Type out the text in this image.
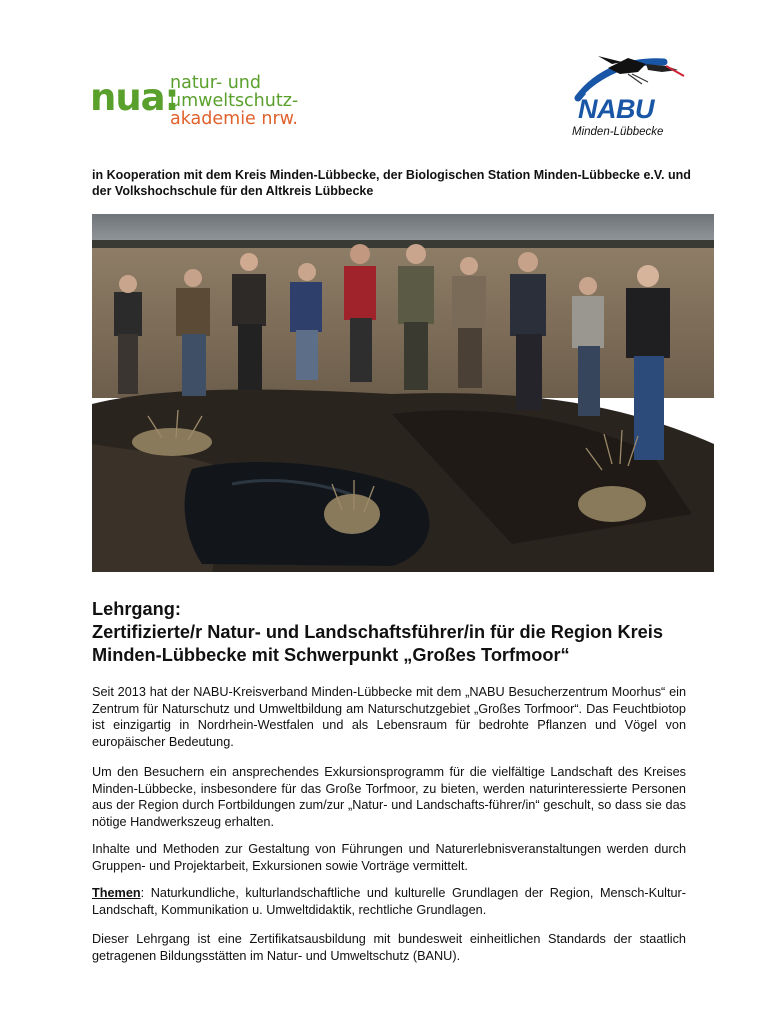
nua:
natur- und
umweltschutz-
akademie nrw.	NABU
Minden-Lübbecke
in Kooperation mit dem Kreis Minden-Lübbecke, der Biologischen Station Minden-Lübbecke e.V. und der Volkshochschule für den Altkreis Lübbecke
Lehrgang:
Zertifizierte/r Natur- und Landschaftsführer/in für die Region Kreis
Minden-Lübbecke mit Schwerpunkt „Großes Torfmoor“
Seit 2013 hat der NABU-Kreisverband Minden-Lübbecke mit dem „NABU Besucherzentrum Moorhus“ ein Zentrum für Naturschutz und Umweltbildung am Naturschutzgebiet „Großes Torfmoor“. Das Feuchtbiotop ist einzigartig in Nordrhein-Westfalen und als Lebensraum für bedrohte Pflanzen und Vögel von europäischer Bedeutung.
Um den Besuchern ein ansprechendes Exkursionsprogramm für die vielfältige Landschaft des Kreises Minden-Lübbecke, insbesondere für das Große Torfmoor, zu bieten, werden naturinteressierte Personen aus der Region durch Fortbildungen zum/zur „Natur- und Landschafts-führer/in“ geschult, so dass sie das nötige Handwerkszeug erhalten.
Inhalte und Methoden zur Gestaltung von Führungen und Naturerlebnisveranstaltungen werden durch Gruppen- und Projektarbeit, Exkursionen sowie Vorträge vermittelt.
Themen: Naturkundliche, kulturlandschaftliche und kulturelle Grundlagen der Region, Mensch-Kultur-Landschaft, Kommunikation u. Umweltdidaktik, rechtliche Grundlagen.
Dieser Lehrgang ist eine Zertifikatsausbildung mit bundesweit einheitlichen Standards der staatlich getragenen Bildungsstätten im Natur- und Umweltschutz (BANU).
